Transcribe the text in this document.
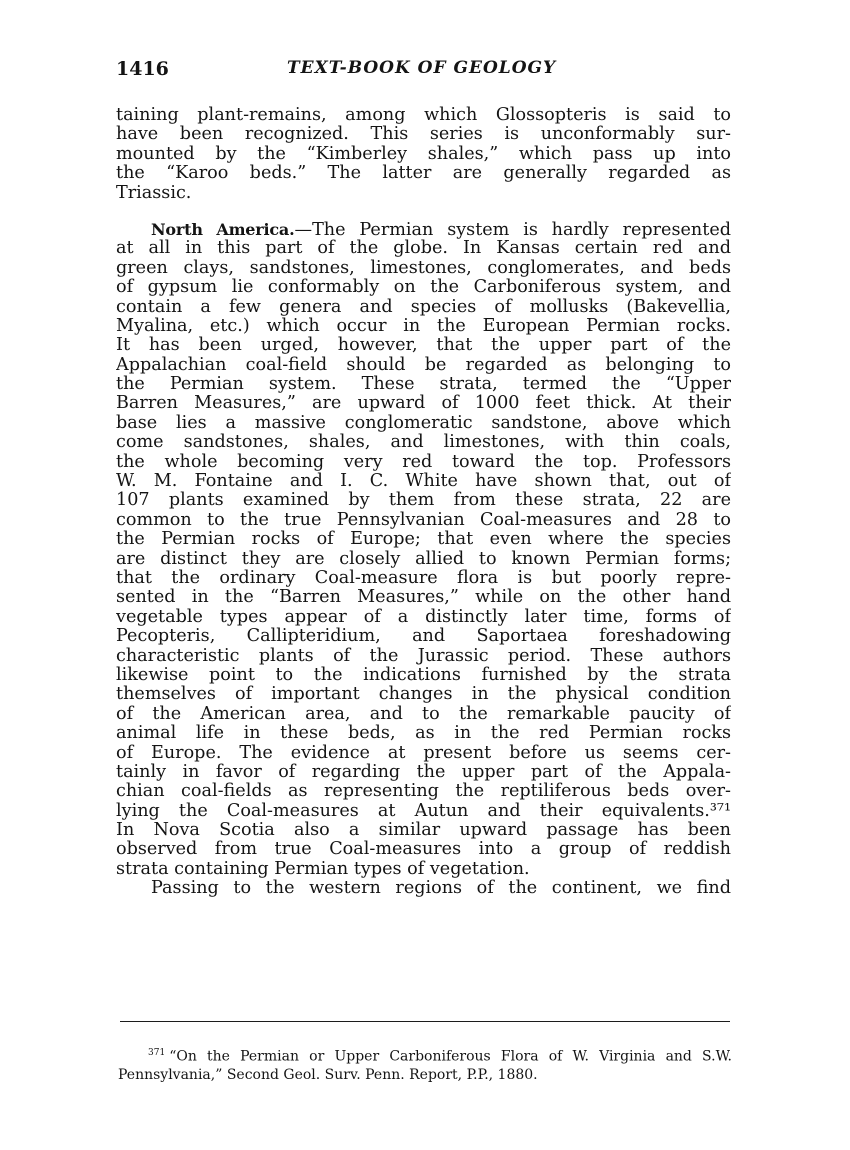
1416	TEXT-BOOK OF GEOLOGY
taining plant-remains, among which Glossopteris is said to
have been recognized. This series is unconformably sur-
mounted by the “Kimberley shales,” which pass up into
the “Karoo beds.” The latter are generally regarded as
Triassic.
North America.—The Permian system is hardly represented
at all in this part of the globe. In Kansas certain red and
green clays, sandstones, limestones, conglomerates, and beds
of gypsum lie conformably on the Carboniferous system, and
contain a few genera and species of mollusks (Bakevellia,
Myalina, etc.) which occur in the European Permian rocks.
It has been urged, however, that the upper part of the
Appalachian coal-field should be regarded as belonging to
the Permian system. These strata, termed the “Upper
Barren Measures,” are upward of 1000 feet thick. At their
base lies a massive conglomeratic sandstone, above which
come sandstones, shales, and limestones, with thin coals,
the whole becoming very red toward the top. Professors
W. M. Fontaine and I. C. White have shown that, out of
107 plants examined by them from these strata, 22 are
common to the true Pennsylvanian Coal-measures and 28 to
the Permian rocks of Europe; that even where the species
are distinct they are closely allied to known Permian forms;
that the ordinary Coal-measure flora is but poorly repre-
sented in the “Barren Measures,” while on the other hand
vegetable types appear of a distinctly later time, forms of
Pecopteris, Callipteridium, and Saportaea foreshadowing
characteristic plants of the Jurassic period. These authors
likewise point to the indications furnished by the strata
themselves of important changes in the physical condition
of the American area, and to the remarkable paucity of
animal life in these beds, as in the red Permian rocks
of Europe. The evidence at present before us seems cer-
tainly in favor of regarding the upper part of the Appala-
chian coal-fields as representing the reptiliferous beds over-
lying the Coal-measures at Autun and their equivalents.³⁷¹
In Nova Scotia also a similar upward passage has been
observed from true Coal-measures into a group of reddish
strata containing Permian types of vegetation.
Passing to the western regions of the continent, we find
$^{371}$ “On the Permian or Upper Carboniferous Flora of W. Virginia and S.W.
Pennsylvania,” Second Geol. Surv. Penn. Report, P.P., 1880.
